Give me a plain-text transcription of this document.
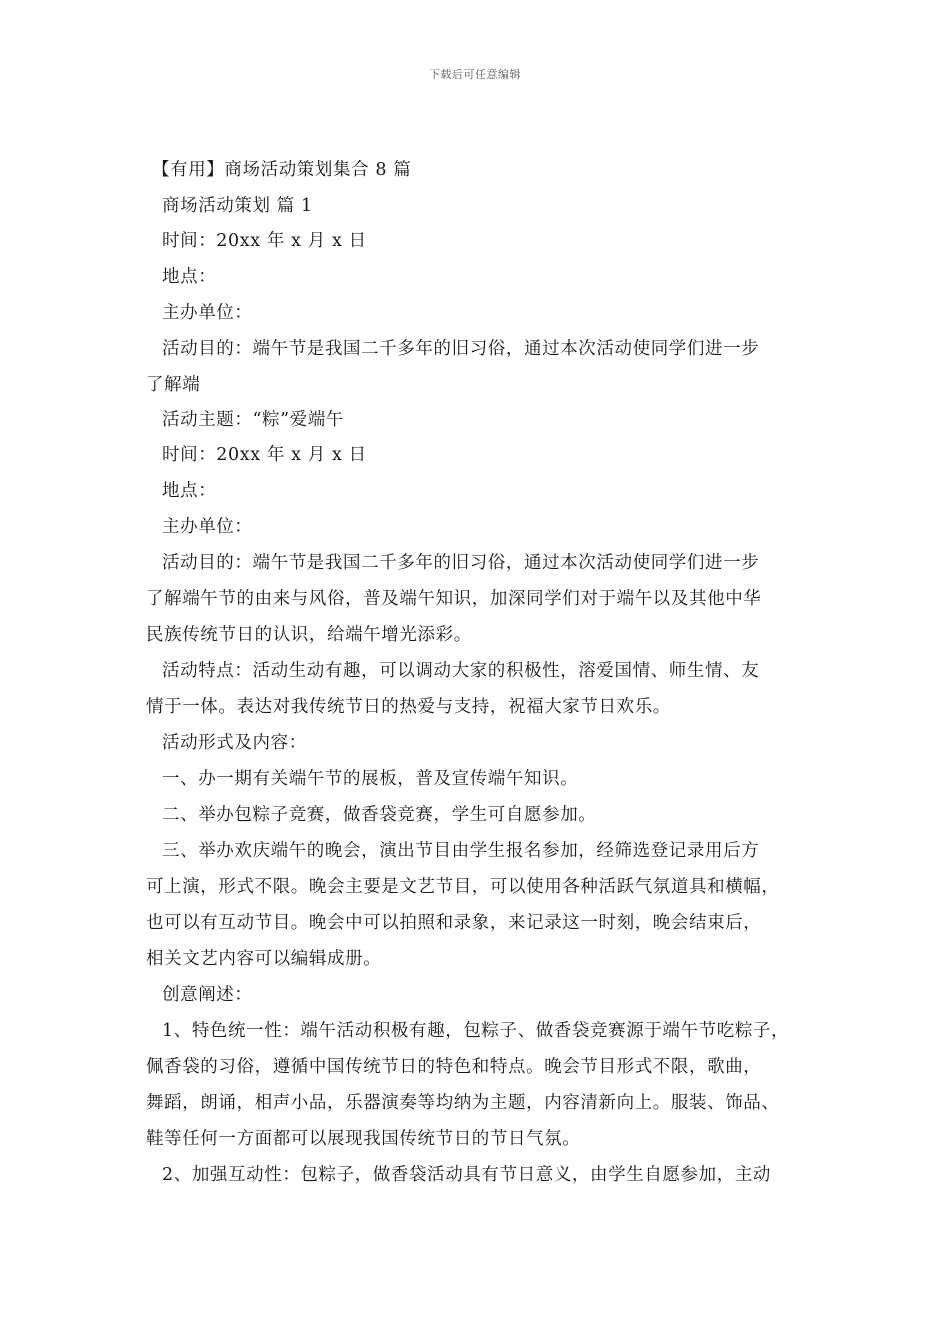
下载后可任意编辑
【有用】商场活动策划集合 8 篇
商场活动策划 篇 1
时间：20xx 年 x 月 x 日
地点：
主办单位：
活动目的：端午节是我国二千多年的旧习俗，通过本次活动使同学们进一步
了解端
活动主题：“粽”爱端午
时间：20xx 年 x 月 x 日
地点：
主办单位：
活动目的：端午节是我国二千多年的旧习俗，通过本次活动使同学们进一步
了解端午节的由来与风俗，普及端午知识，加深同学们对于端午以及其他中华
民族传统节日的认识，给端午增光添彩。
活动特点：活动生动有趣，可以调动大家的积极性，溶爱国情、师生情、友
情于一体。表达对我传统节日的热爱与支持，祝福大家节日欢乐。
活动形式及内容：
一、办一期有关端午节的展板，普及宣传端午知识。
二、举办包粽子竞赛，做香袋竞赛，学生可自愿参加。
三、举办欢庆端午的晚会，演出节目由学生报名参加，经筛选登记录用后方
可上演，形式不限。晚会主要是文艺节目，可以使用各种活跃气氛道具和横幅，
也可以有互动节目。晚会中可以拍照和录象，来记录这一时刻，晚会结束后，
相关文艺内容可以编辑成册。
创意阐述：
1、特色统一性：端午活动积极有趣，包粽子、做香袋竞赛源于端午节吃粽子，
佩香袋的习俗，遵循中国传统节日的特色和特点。晚会节目形式不限，歌曲，
舞蹈，朗诵，相声小品，乐器演奏等均纳为主题，内容清新向上。服装、饰品、
鞋等任何一方面都可以展现我国传统节日的节日气氛。
2、加强互动性：包粽子，做香袋活动具有节日意义，由学生自愿参加，主动
